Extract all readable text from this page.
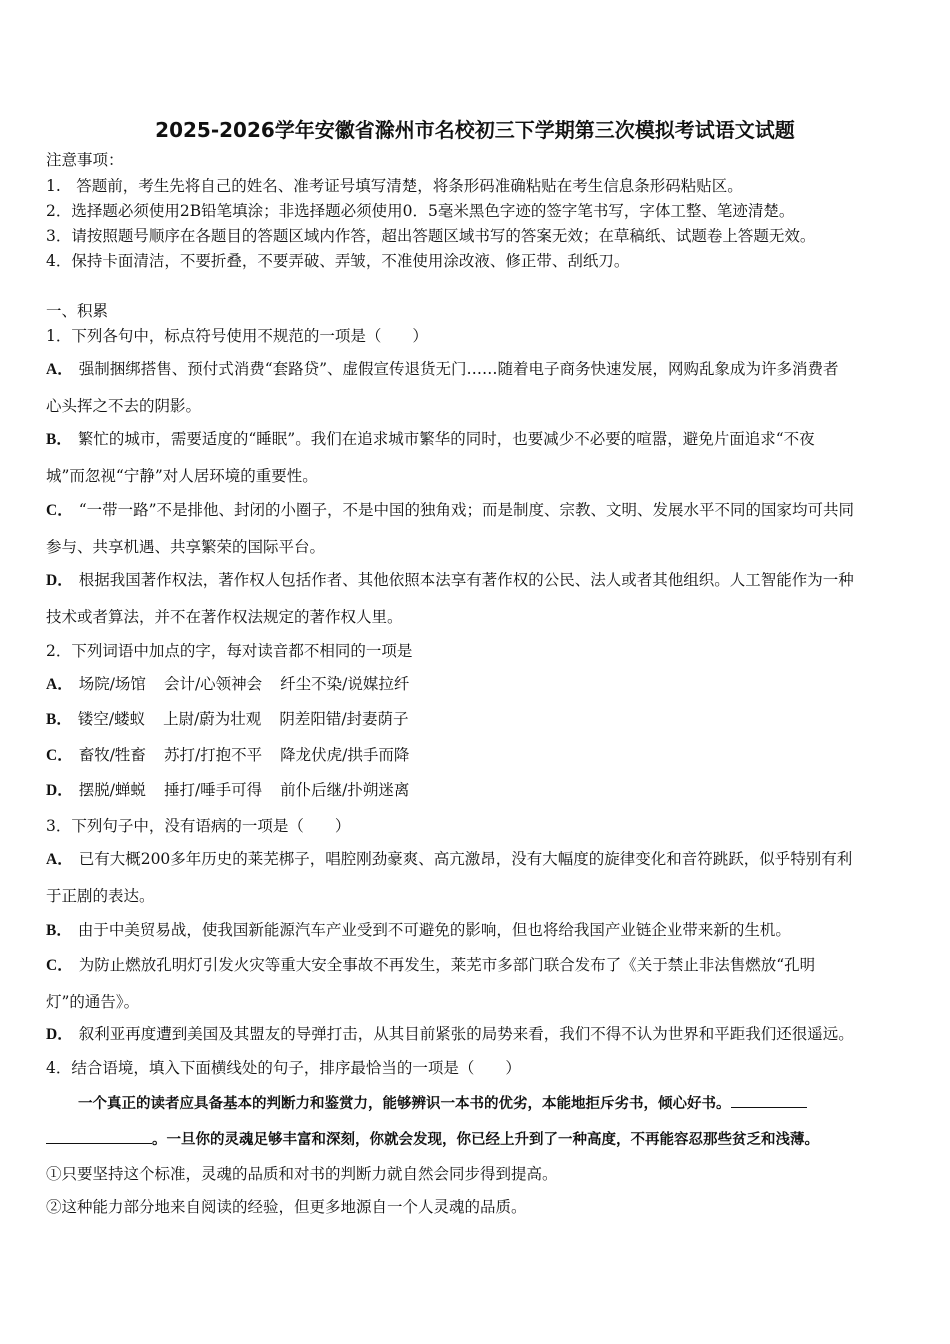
2025-2026学年安徽省滁州市名校初三下学期第三次模拟考试语文试题
注意事项：
1.　答题前，考生先将自己的姓名、准考证号填写清楚，将条形码准确粘贴在考生信息条形码粘贴区。
2．选择题必须使用2B铅笔填涂；非选择题必须使用0．5毫米黑色字迹的签字笔书写，字体工整、笔迹清楚。
3．请按照题号顺序在各题目的答题区域内作答，超出答题区域书写的答案无效；在草稿纸、试题卷上答题无效。
4．保持卡面清洁，不要折叠，不要弄破、弄皱，不准使用涂改液、修正带、刮纸刀。
一、积累
1．下列各句中，标点符号使用不规范的一项是（　　）
A． 强制捆绑搭售、预付式消费“套路贷”、虚假宣传退货无门……随着电子商务快速发展，网购乱象成为许多消费者
心头挥之不去的阴影。
B． 繁忙的城市，需要适度的“睡眠”。我们在追求城市繁华的同时，也要减少不必要的喧嚣，避免片面追求“不夜
城”而忽视“宁静”对人居环境的重要性。
C． “一带一路”不是排他、封闭的小圈子，不是中国的独角戏；而是制度、宗教、文明、发展水平不同的国家均可共同
参与、共享机遇、共享繁荣的国际平台。
D． 根据我国著作权法，著作权人包括作者、其他依照本法享有著作权的公民、法人或者其他组织。人工智能作为一种
技术或者算法，并不在著作权法规定的著作权人里。
2．下列词语中加点的字，每对读音都不相同的一项是
A． 场院/场馆 会计/心领神会 纤尘不染/说媒拉纤
B． 镂空/蝼蚁 上尉/蔚为壮观 阴差阳错/封妻荫子
C． 畜牧/牲畜 苏打/打抱不平 降龙伏虎/拱手而降
D． 摆脱/蝉蜕 捶打/唾手可得 前仆后继/扑朔迷离
3．下列句子中，没有语病的一项是（　　）
A． 已有大概200多年历史的莱芜梆子，唱腔刚劲豪爽、高亢激昂，没有大幅度的旋律变化和音符跳跃，似乎特别有利
于正剧的表达。
B． 由于中美贸易战，使我国新能源汽车产业受到不可避免的影响，但也将给我国产业链企业带来新的生机。
C． 为防止燃放孔明灯引发火灾等重大安全事故不再发生，莱芜市多部门联合发布了《关于禁止非法售燃放“孔明
灯”的通告》。
D． 叙利亚再度遭到美国及其盟友的导弹打击，从其目前紧张的局势来看，我们不得不认为世界和平距我们还很遥远。
4．结合语境，填入下面横线处的句子，排序最恰当的一项是（　　）
一个真正的读者应具备基本的判断力和鉴赏力，能够辨识一本书的优劣，本能地拒斥劣书，倾心好书。
。一旦你的灵魂足够丰富和深刻，你就会发现，你已经上升到了一种高度，不再能容忍那些贫乏和浅薄。
①只要坚持这个标准，灵魂的品质和对书的判断力就自然会同步得到提高。
②这种能力部分地来自阅读的经验，但更多地源自一个人灵魂的品质。
